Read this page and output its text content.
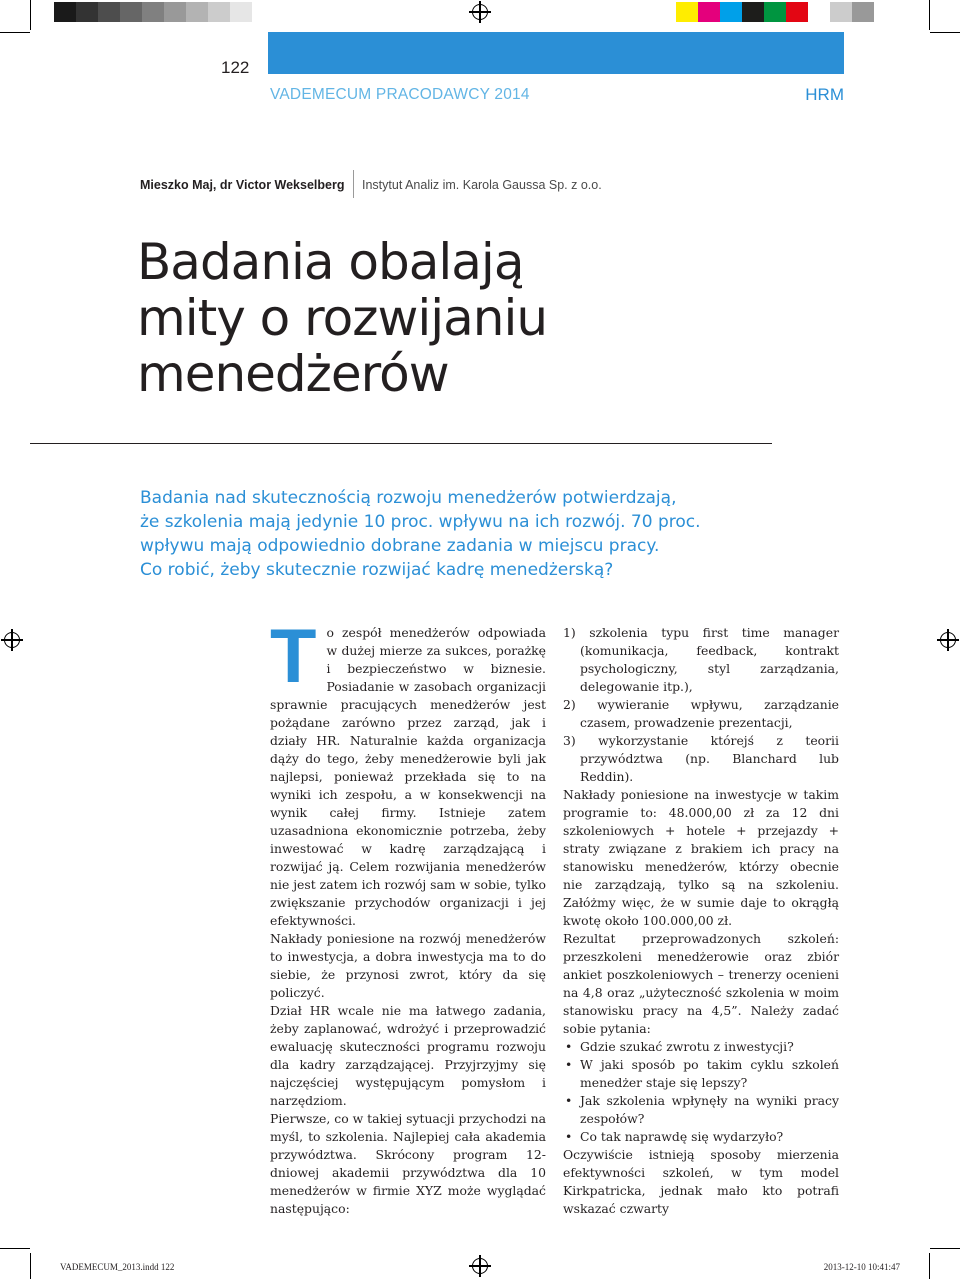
122
VADEMECUM PRACODAWCY 2014	HRM
Mieszko Maj, dr Victor Wekselberg Instytut Analiz im. Karola Gaussa Sp. z o.o.
Badania obalają
mity o rozwijaniu
menedżerów
Badania nad skutecznością rozwoju menedżerów potwierdzają,
że szkolenia mają jedynie 10 proc. wpływu na ich rozwój. 70 proc.
wpływu mają odpowiednio dobrane zadania w miejscu pracy.
Co robić, żeby skutecznie rozwijać kadrę menedżerską?

To zespół menedżerów odpowiada w dużej mierze za sukces, porażkę i bezpieczeństwo w biznesie. Posiadanie w zasobach organizacji sprawnie pracujących menedżerów jest pożądane zarówno przez zarząd, jak i działy HR. Naturalnie każda organizacja dąży do tego, żeby menedżerowie byli jak najlepsi, ponieważ przekłada się to na wyniki ich zespołu, a w konsekwencji na wynik całej firmy. Istnieje zatem uzasadniona ekonomicznie potrzeba, żeby inwestować w kadrę zarządzającą i rozwijać ją. Celem rozwijania menedżerów nie jest zatem ich rozwój sam w sobie, tylko zwiększanie przychodów organizacji i jej efektywności.

Nakłady poniesione na rozwój menedżerów to inwestycja, a dobra inwestycja ma to do siebie, że przynosi zwrot, który da się policzyć.

Dział HR wcale nie ma łatwego zadania, żeby zaplanować, wdrożyć i przeprowadzić ewaluację skuteczności programu rozwoju dla kadry zarządzającej. Przyjrzyjmy się najczęściej występującym pomysłom i narzędziom.

Pierwsze, co w takiej sytuacji przychodzi na myśl, to szkolenia. Najlepiej cała akademia przywództwa. Skrócony program 12-dniowej akademii przywództwa dla 10 menedżerów w firmie XYZ może wyglądać następująco:

1) szkolenia typu first time manager (komunikacja, feedback, kontrakt psychologiczny, styl zarządzania, delegowanie itp.),

2) wywieranie wpływu, zarządzanie czasem, prowadzenie prezentacji,

3) wykorzystanie którejś z teorii przywództwa (np. Blanchard lub Reddin).

Nakłady poniesione na inwestycje w takim programie to: 48.000,00 zł za 12 dni szkoleniowych + hotele + przejazdy + straty związane z brakiem ich pracy na stanowisku menedżerów, którzy obecnie nie zarządzają, tylko są na szkoleniu. Załóżmy więc, że w sumie daje to okrągłą kwotę około 100.000,00 zł.

Rezultat przeprowadzonych szkoleń: przeszkoleni menedżerowie oraz zbiór ankiet poszkoleniowych – trenerzy ocenieni na 4,8 oraz „użyteczność szkolenia w moim stanowisku pracy na 4,5”. Należy zadać sobie pytania:

• Gdzie szukać zwrotu z inwestycji?

• W jaki sposób po takim cyklu szkoleń menedżer staje się lepszy?

• Jak szkolenia wpłynęły na wyniki pracy zespołów?

• Co tak naprawdę się wydarzyło?

Oczywiście istnieją sposoby mierzenia efektywności szkoleń, w tym model Kirkpatricka, jednak mało kto potrafi wskazać czwarty

VADEMECUM_2013.indd 122	2013-12-10 10:41:47
